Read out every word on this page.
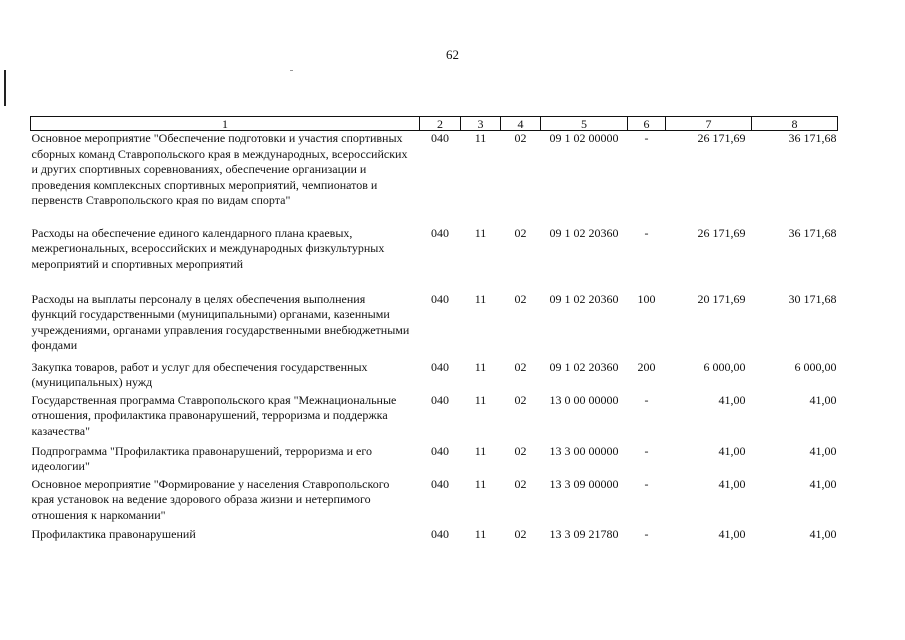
62
1	2	3	4	5	6	7	8
Основное мероприятие "Обеспечение подготовки и участия спортивных сборных команд Ставропольского края в международных, всероссийских и других спортивных соревнованиях, обеспечение организации и проведения комплексных спортивных мероприятий, чемпионатов и первенств Ставропольского края по видам спорта"	040	11	02	09 1 02 00000	-	26 171,69	36 171,68
Расходы на обеспечение единого календарного плана краевых, межрегиональных, всероссийских и международных физкультурных мероприятий и спортивных мероприятий	040	11	02	09 1 02 20360	-	26 171,69	36 171,68
Расходы на выплаты персоналу в целях обеспечения выполнения функций государственными (муниципальными) органами, казенными учреждениями, органами управления государственными внебюджетными фондами	040	11	02	09 1 02 20360	100	20 171,69	30 171,68
Закупка товаров, работ и услуг для обеспечения государственных (муниципальных) нужд	040	11	02	09 1 02 20360	200	6 000,00	6 000,00
Государственная программа Ставропольского края "Межнациональные отношения, профилактика правонарушений, терроризма и поддержка казачества"	040	11	02	13 0 00 00000	-	41,00	41,00
Подпрограмма "Профилактика правонарушений, терроризма и его идеологии"	040	11	02	13 3 00 00000	-	41,00	41,00
Основное мероприятие "Формирование у населения Ставропольского края установок на ведение здорового образа жизни и нетерпимого отношения к наркомании"	040	11	02	13 3 09 00000	-	41,00	41,00
Профилактика правонарушений	040	11	02	13 3 09 21780	-	41,00	41,00
